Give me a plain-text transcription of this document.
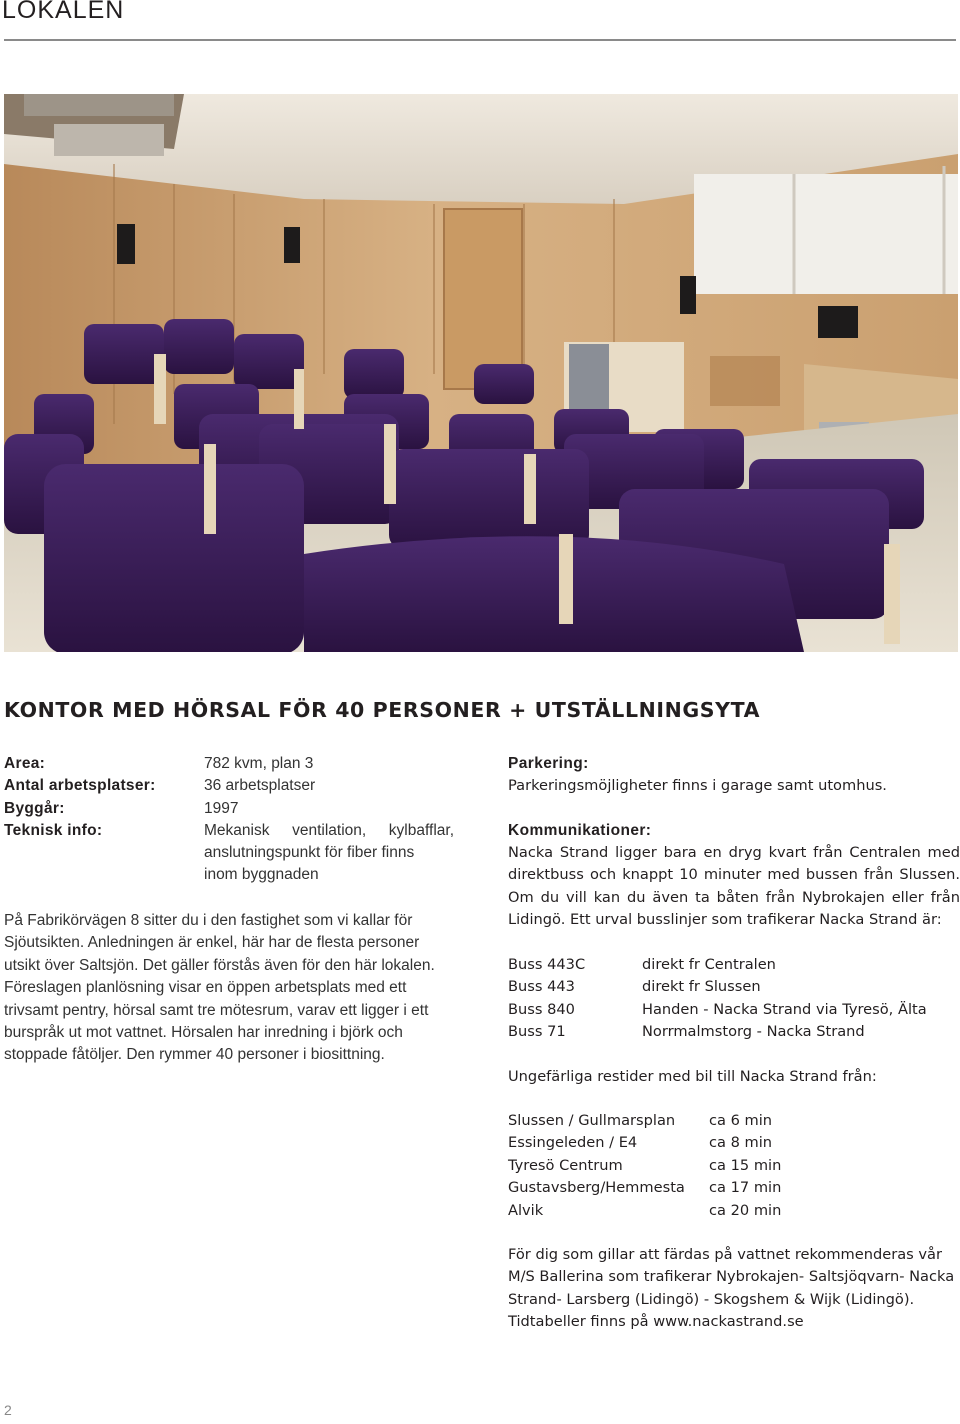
LOKALEN
KONTOR MED HÖRSAL FÖR 40 PERSONER + UTSTÄLLNINGSYTA
Area:	782 kvm, plan 3
Antal arbetsplatser:	36 arbetsplatser
Byggår:	1997
Teknisk info:	Mekanisk ventilation, kylbafflar,
anslutningspunkt för fiber finns
inom byggnaden
På Fabrikörvägen 8 sitter du i den fastighet som vi kallar för Sjöutsikten. Anledningen är enkel, här har de flesta personer utsikt över Saltsjön. Det gäller förstås även för den här lokalen. Föreslagen planlösning visar en öppen arbetsplats med ett trivsamt pentry, hörsal samt tre mötesrum, varav ett ligger i ett burspråk ut mot vattnet. Hörsalen har inredning i björk och stoppade fåtöljer. Den rymmer 40 personer i biosittning.
Parkering:
Parkeringsmöjligheter finns i garage samt utomhus.
Kommunikationer:
Nacka Strand ligger bara en dryg kvart från Centralen med
direktbuss och knappt 10 minuter med bussen från Slussen.
Om du vill kan du även ta båten från Nybrokajen eller från
Lidingö. Ett urval busslinjer som trafikerar Nacka Strand är:
Buss 443C	direkt fr Centralen
Buss 443	direkt fr Slussen
Buss 840	Handen - Nacka Strand via Tyresö, Älta
Buss 71	Norrmalmstorg - Nacka Strand
Ungefärliga restider med bil till Nacka Strand från:
Slussen / Gullmarsplan ca 6 min
Essingeleden / E4	ca 8 min
Tyresö Centrum	ca 15 min
Gustavsberg/Hemmesta ca 17 min
Alvik	ca 20 min
För dig som gillar att färdas på vattnet rekommenderas vår
M/S Ballerina som trafikerar Nybrokajen- Saltsjöqvarn- Nacka
Strand- Larsberg (Lidingö) - Skogshem & Wijk (Lidingö).
Tidtabeller finns på www.nackastrand.se
2
